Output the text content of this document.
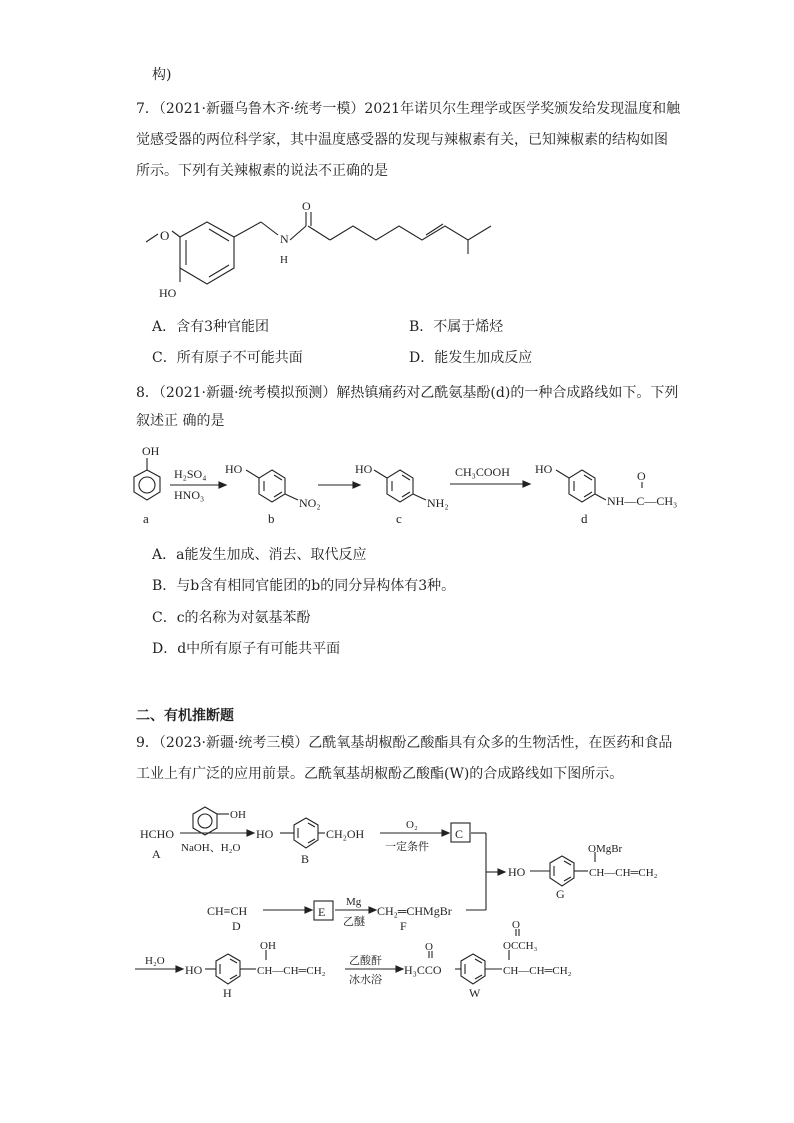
构)
7．（2021·新疆乌鲁木齐·统考一模）2021年诺贝尔生理学或医学奖颁发给发现温度和触
觉感受器的两位科学家，其中温度感受器的发现与辣椒素有关，已知辣椒素的结构如图
所示。下列有关辣椒素的说法不正确的是
O
HO
N
H
O
A．含有3种官能团	B．不属于烯烃
C．所有原子不可能共面	D．能发生加成反应
8．（2021·新疆·统考模拟预测）解热镇痛药对乙酰氨基酚(d)的一种合成路线如下。下列
叙述正 确的是
OH
H₂SO₄
HNO₃
HO
NO₂
HO
NH₂
CH₃COOH HO
NH—C—CH₃
O
a	b	c	d
A．a能发生加成、消去、取代反应
B．与b含有相同官能团的b的同分异构体有3种。
C．c的名称为对氨基苯酚
D．d中所有原子有可能共平面
二、有机推断题
9．（2023·新疆·统考三模）乙酰氧基胡椒酚乙酸酯具有众多的生物活性，在医药和食品
工业上有广泛的应用前景。乙酰氧基胡椒酚乙酸酯(W)的合成路线如下图所示。
HCHO
A
OH
NaOH、H₂O
HO	CH₂OH
B
O₂
一定条件
C
HO
OMgBr
CH—CH═CH₂
G
CH≡CH
D
E
Mg
乙醚
CH₂═CHMgBr
F
H₂O
HO
OH
CH—CH═CH₂
H
乙酸酐
冰水浴
O
H₃CCO
O
OCCH₃
CH—CH═CH₂
W
